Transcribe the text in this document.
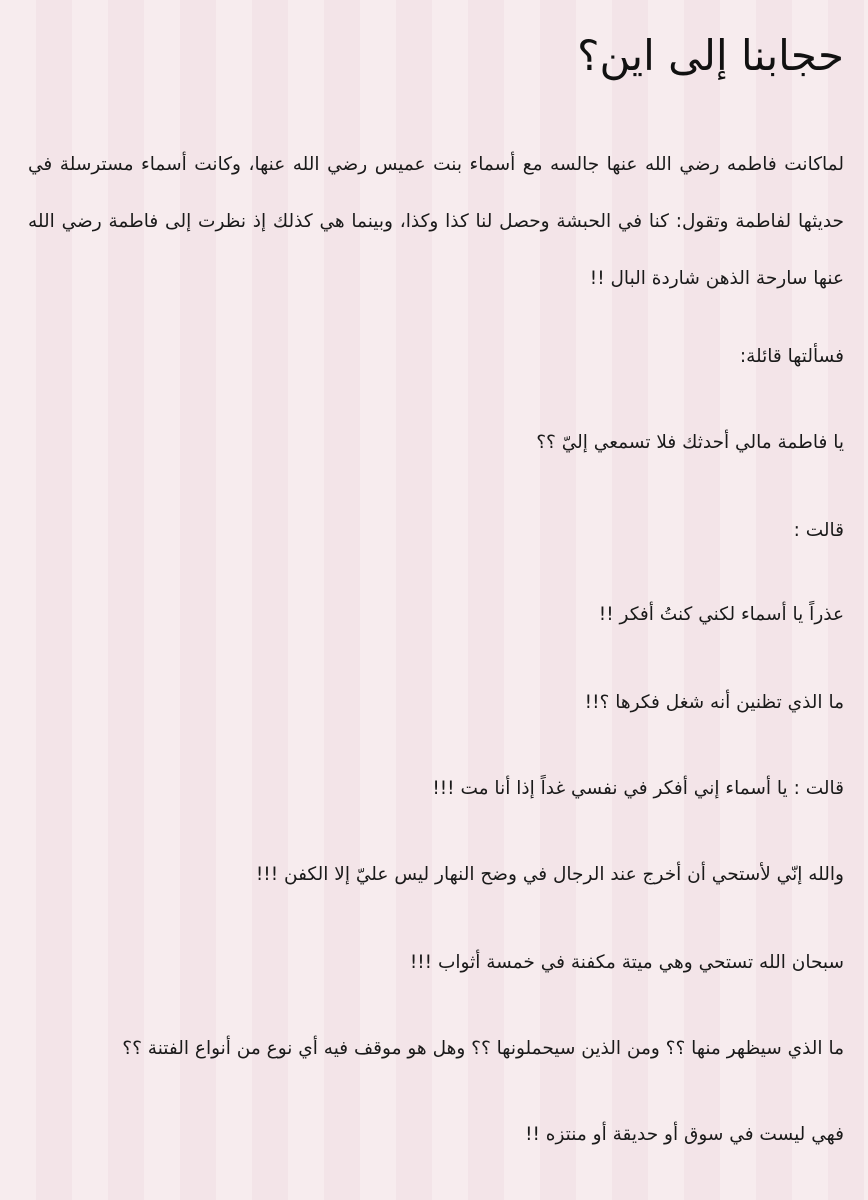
حجابنا إلى اين؟

لماكانت فاطمه رضي الله عنها جالسه مع أسماء بنت عميس رضي الله عنها، وكانت أسماء مسترسلة في حديثها لفاطمة وتقول: كنا في الحبشة وحصل لنا كذا وكذا، وبينما هي كذلك إذ نظرت إلى فاطمة رضي الله عنها سارحة الذهن شاردة البال !!

فسألتها قائلة:

يا فاطمة مالي أحدثك فلا تسمعي إليّ ؟؟

قالت :

عذراً يا أسماء لكني كنتُ أفكر !!

ما الذي تظنين أنه شغل فكرها ؟!!

قالت : يا أسماء إني أفكر في نفسي غداً إذا أنا مت !!!

والله إنّي لأستحي أن أخرج عند الرجال في وضح النهار ليس عليّ إلا الكفن !!!

سبحان الله تستحي وهي ميتة مكفنة في خمسة أثواب !!!

ما الذي سيظهر منها ؟؟ ومن الذين سيحملونها ؟؟ وهل هو موقف فيه أي نوع من أنواع الفتنة ؟؟

فهي ليست في سوق أو حديقة أو منتزه !!
